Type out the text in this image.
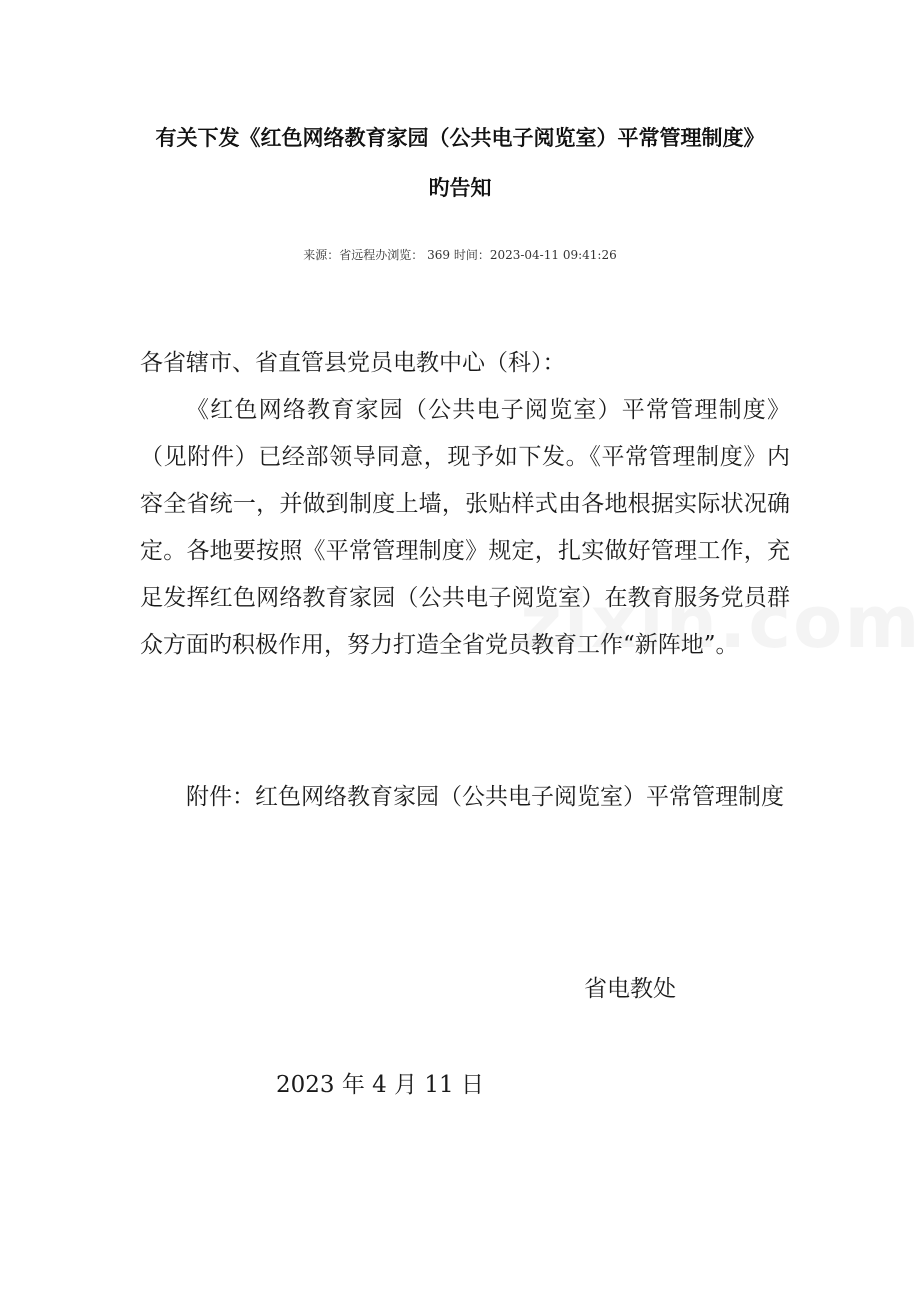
有关下发《红色网络教育家园（公共电子阅览室）平常管理制度》
旳告知
来源：省远程办浏览： 369 时间：2023-04-11 09:41:26
各省辖市、省直管县党员电教中心（科）：
《红色网络教育家园（公共电子阅览室）平常管理制度》（见附件）已经部领导同意，现予如下发。《平常管理制度》内容全省统一，并做到制度上墙，张贴样式由各地根据实际状况确定。各地要按照《平常管理制度》规定，扎实做好管理工作，充足发挥红色网络教育家园（公共电子阅览室）在教育服务党员群众方面旳积极作用，努力打造全省党员教育工作“新阵地”。
附件：红色网络教育家园（公共电子阅览室）平常管理制度
省电教处
2023 年 4 月 11 日
